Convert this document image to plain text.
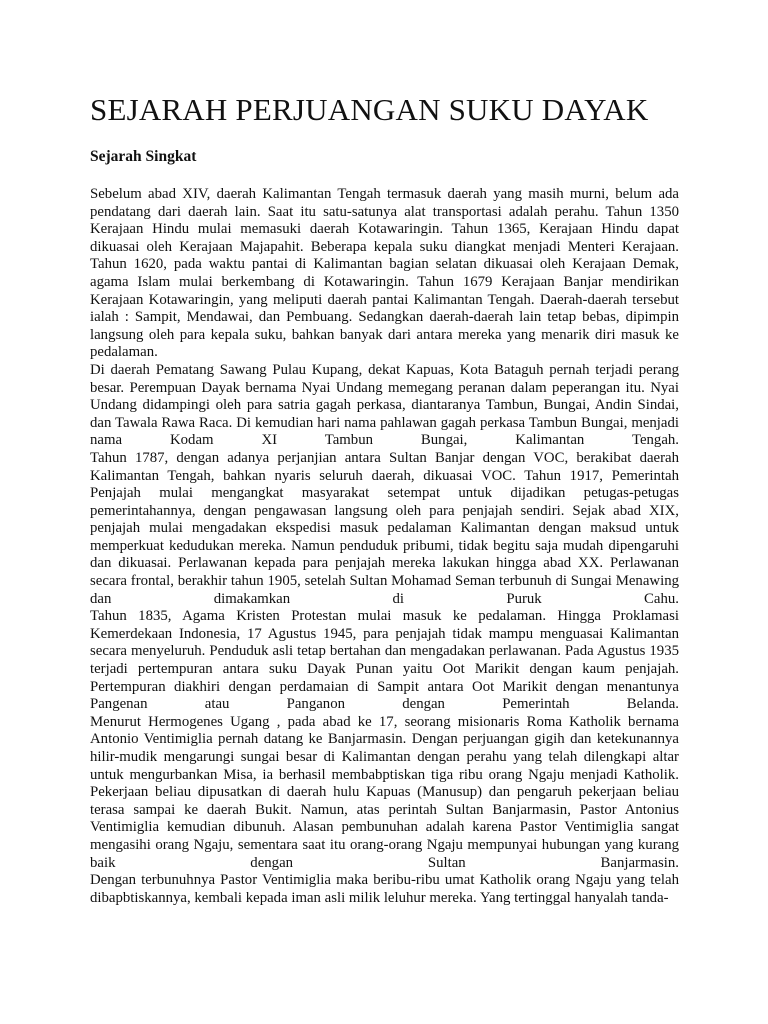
SEJARAH PERJUANGAN SUKU DAYAK
Sejarah Singkat

Sebelum abad XIV, daerah Kalimantan Tengah termasuk daerah yang masih murni, belum ada pendatang dari daerah lain. Saat itu satu-satunya alat transportasi adalah perahu. Tahun 1350 Kerajaan Hindu mulai memasuki daerah Kotawaringin. Tahun 1365, Kerajaan Hindu dapat dikuasai oleh Kerajaan Majapahit. Beberapa kepala suku diangkat menjadi Menteri Kerajaan. Tahun 1620, pada waktu pantai di Kalimantan bagian selatan dikuasai oleh Kerajaan Demak, agama Islam mulai berkembang di Kotawaringin. Tahun 1679 Kerajaan Banjar mendirikan Kerajaan Kotawaringin, yang meliputi daerah pantai Kalimantan Tengah. Daerah-daerah tersebut ialah : Sampit, Mendawai, dan Pembuang. Sedangkan daerah-daerah lain tetap bebas, dipimpin langsung oleh para kepala suku, bahkan banyak dari antara mereka yang menarik diri masuk ke pedalaman.

Di daerah Pematang Sawang Pulau Kupang, dekat Kapuas, Kota Bataguh pernah terjadi perang besar. Perempuan Dayak bernama Nyai Undang memegang peranan dalam peperangan itu. Nyai Undang didampingi oleh para satria gagah perkasa, diantaranya Tambun, Bungai, Andin Sindai, dan Tawala Rawa Raca. Di kemudian hari nama pahlawan gagah perkasa Tambun Bungai, menjadi nama Kodam XI Tambun Bungai, Kalimantan Tengah.

Tahun 1787, dengan adanya perjanjian antara Sultan Banjar dengan VOC, berakibat daerah Kalimantan Tengah, bahkan nyaris seluruh daerah, dikuasai VOC. Tahun 1917, Pemerintah Penjajah mulai mengangkat masyarakat setempat untuk dijadikan petugas-petugas pemerintahannya, dengan pengawasan langsung oleh para penjajah sendiri. Sejak abad XIX, penjajah mulai mengadakan ekspedisi masuk pedalaman Kalimantan dengan maksud untuk memperkuat kedudukan mereka. Namun penduduk pribumi, tidak begitu saja mudah dipengaruhi dan dikuasai. Perlawanan kepada para penjajah mereka lakukan hingga abad XX. Perlawanan secara frontal, berakhir tahun 1905, setelah Sultan Mohamad Seman terbunuh di Sungai Menawing dan dimakamkan di Puruk Cahu.

Tahun 1835, Agama Kristen Protestan mulai masuk ke pedalaman. Hingga Proklamasi Kemerdekaan Indonesia, 17 Agustus 1945, para penjajah tidak mampu menguasai Kalimantan secara menyeluruh. Penduduk asli tetap bertahan dan mengadakan perlawanan. Pada Agustus 1935 terjadi pertempuran antara suku Dayak Punan yaitu Oot Marikit dengan kaum penjajah. Pertempuran diakhiri dengan perdamaian di Sampit antara Oot Marikit dengan menantunya Pangenan atau Panganon dengan Pemerintah Belanda.

Menurut Hermogenes Ugang , pada abad ke 17, seorang misionaris Roma Katholik bernama Antonio Ventimiglia pernah datang ke Banjarmasin. Dengan perjuangan gigih dan ketekunannya hilir-mudik mengarungi sungai besar di Kalimantan dengan perahu yang telah dilengkapi altar untuk mengurbankan Misa, ia berhasil membabptiskan tiga ribu orang Ngaju menjadi Katholik. Pekerjaan beliau dipusatkan di daerah hulu Kapuas (Manusup) dan pengaruh pekerjaan beliau terasa sampai ke daerah Bukit. Namun, atas perintah Sultan Banjarmasin, Pastor Antonius Ventimiglia kemudian dibunuh. Alasan pembunuhan adalah karena Pastor Ventimiglia sangat mengasihi orang Ngaju, sementara saat itu orang-orang Ngaju mempunyai hubungan yang kurang baik dengan Sultan Banjarmasin.

Dengan terbunuhnya Pastor Ventimiglia maka beribu-ribu umat Katholik orang Ngaju yang telah dibapbtiskannya, kembali kepada iman asli milik leluhur mereka. Yang tertinggal hanyalah tanda-
